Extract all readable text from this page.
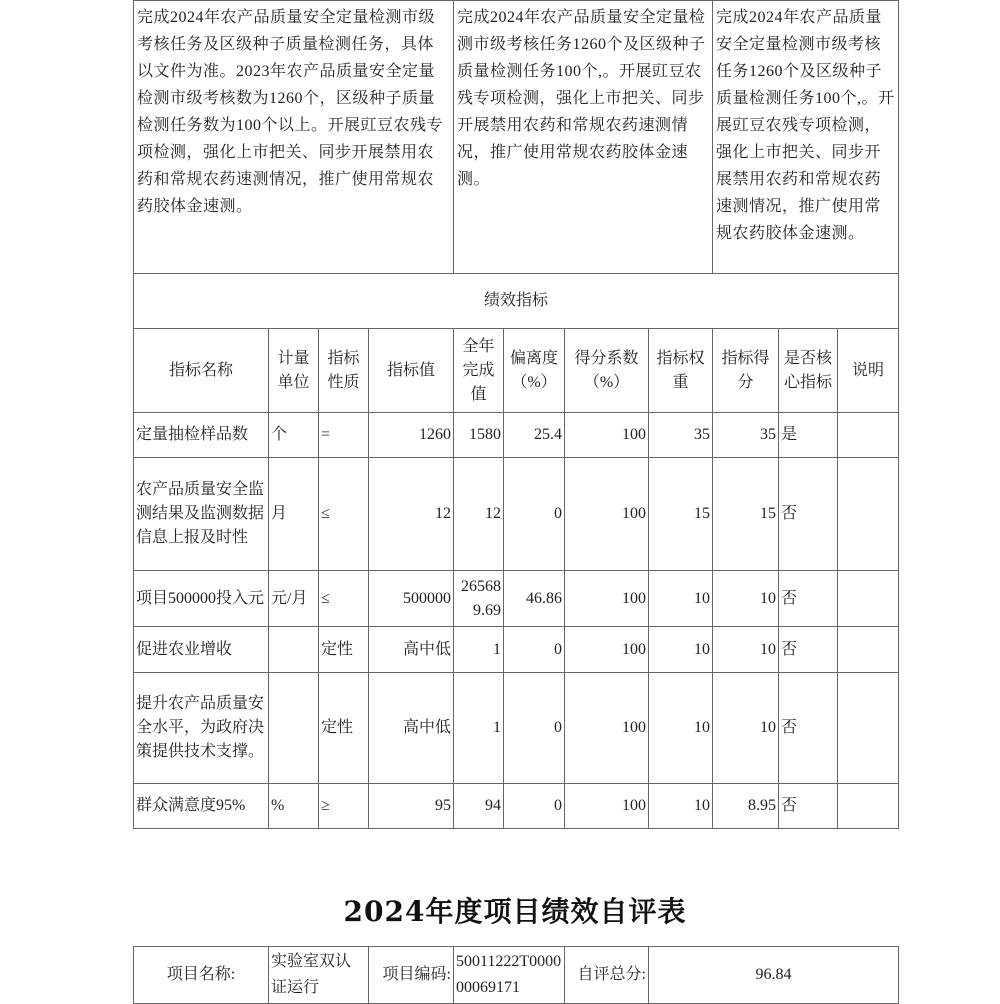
完成2024年农产品质量安全定量检测市级考核任务及区级种子质量检测任务，具体以文件为准。2023年农产品质量安全定量检测市级考核数为1260个，区级种子质量检测任务数为100个以上。开展豇豆农残专项检测，强化上市把关、同步开展禁用农药和常规农药速测情况，推广使用常规农药胶体金速测。	完成2024年农产品质量安全定量检测市级考核任务1260个及区级种子质量检测任务100个,。开展豇豆农残专项检测，强化上市把关、同步开展禁用农药和常规农药速测情况，推广使用常规农药胶体金速测。	完成2024年农产品质量安全定量检测市级考核任务1260个及区级种子质量检测任务100个,。开展豇豆农残专项检测，强化上市把关、同步开展禁用农药和常规农药速测情况，推广使用常规农药胶体金速测。
绩效指标										
指标名称	计量单位	指标性质	指标值	全年完成值	偏离度（%）	得分系数（%）	指标权重	指标得分	是否核心指标	说明
定量抽检样品数	个	=	1260	1580	25.4	100	35	35	是	
农产品质量安全监测结果及监测数据信息上报及时性	月	≤	12	12	0	100	15	15	否	
项目500000投入元	元/月	≤	500000	265689.69	46.86	100	10	10	否	
促进农业增收		定性	高中低	1	0	100	10	10	否	
提升农产品质量安全水平，为政府决策提供技术支撑。		定性	高中低	1	0	100	10	10	否	
群众满意度95%	%	≥	95	94	0	100	10	8.95	否	
2024年度项目绩效自评表
项目名称:	实验室双认证运行	项目编码:	50011222T000000069171	自评总分:	96.84
